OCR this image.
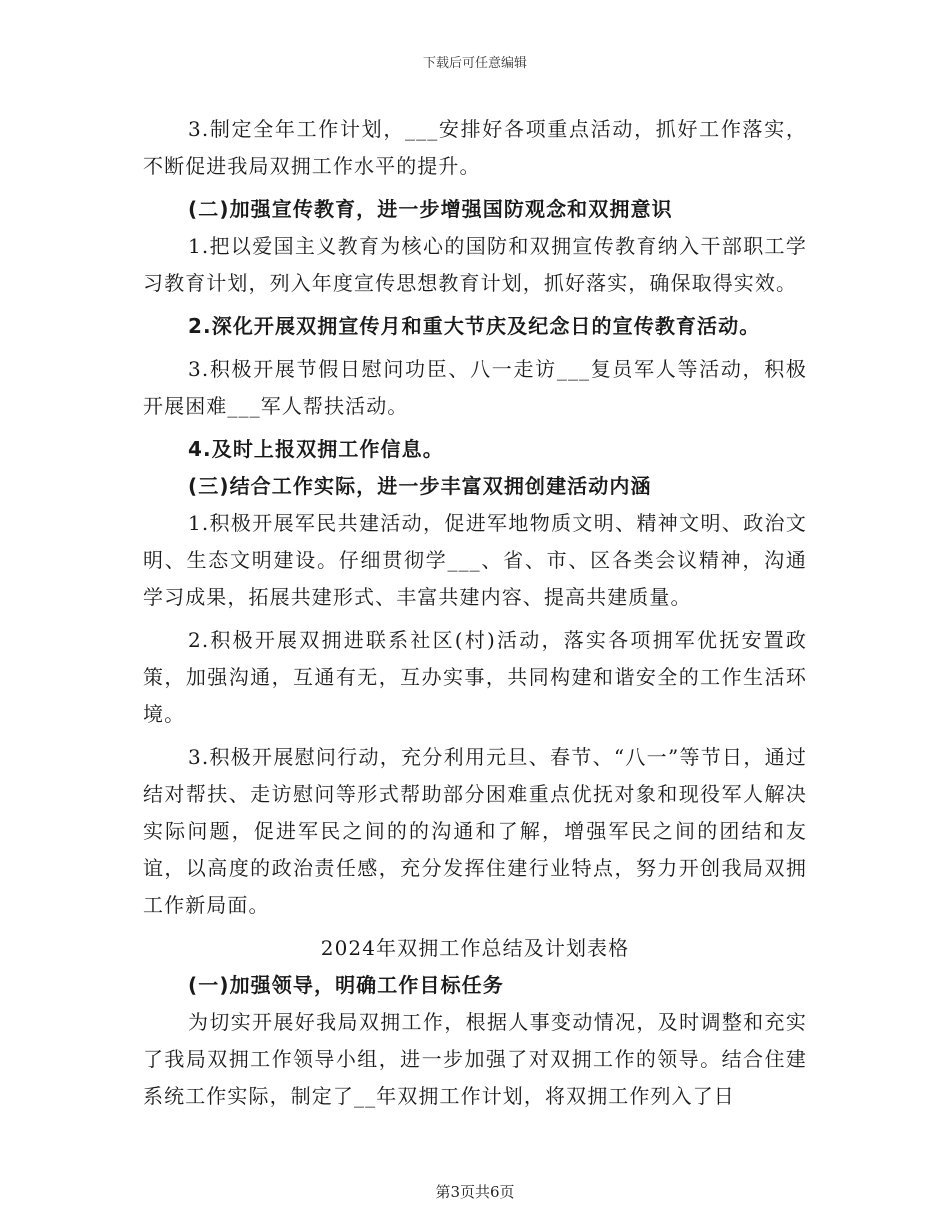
下载后可任意编辑

3.制定全年工作计划，___安排好各项重点活动，抓好工作落实，不断促进我局双拥工作水平的提升。

(二)加强宣传教育，进一步增强国防观念和双拥意识

1.把以爱国主义教育为核心的国防和双拥宣传教育纳入干部职工学习教育计划，列入年度宣传思想教育计划，抓好落实，确保取得实效。

2.深化开展双拥宣传月和重大节庆及纪念日的宣传教育活动。

3.积极开展节假日慰问功臣、八一走访___复员军人等活动，积极开展困难___军人帮扶活动。

4.及时上报双拥工作信息。

(三)结合工作实际，进一步丰富双拥创建活动内涵

1.积极开展军民共建活动，促进军地物质文明、精神文明、政治文明、生态文明建设。仔细贯彻学___、省、市、区各类会议精神，沟通学习成果，拓展共建形式、丰富共建内容、提高共建质量。

2.积极开展双拥进联系社区(村)活动，落实各项拥军优抚安置政策，加强沟通，互通有无，互办实事，共同构建和谐安全的工作生活环境。

3.积极开展慰问行动，充分利用元旦、春节、“八一”等节日，通过结对帮扶、走访慰问等形式帮助部分困难重点优抚对象和现役军人解决实际问题，促进军民之间的的沟通和了解，增强军民之间的团结和友谊，以高度的政治责任感，充分发挥住建行业特点，努力开创我局双拥工作新局面。

2024年双拥工作总结及计划表格

(一)加强领导，明确工作目标任务

为切实开展好我局双拥工作，根据人事变动情况，及时调整和充实了我局双拥工作领导小组，进一步加强了对双拥工作的领导。结合住建系统工作实际，制定了__年双拥工作计划，将双拥工作列入了日

第3页共6页
